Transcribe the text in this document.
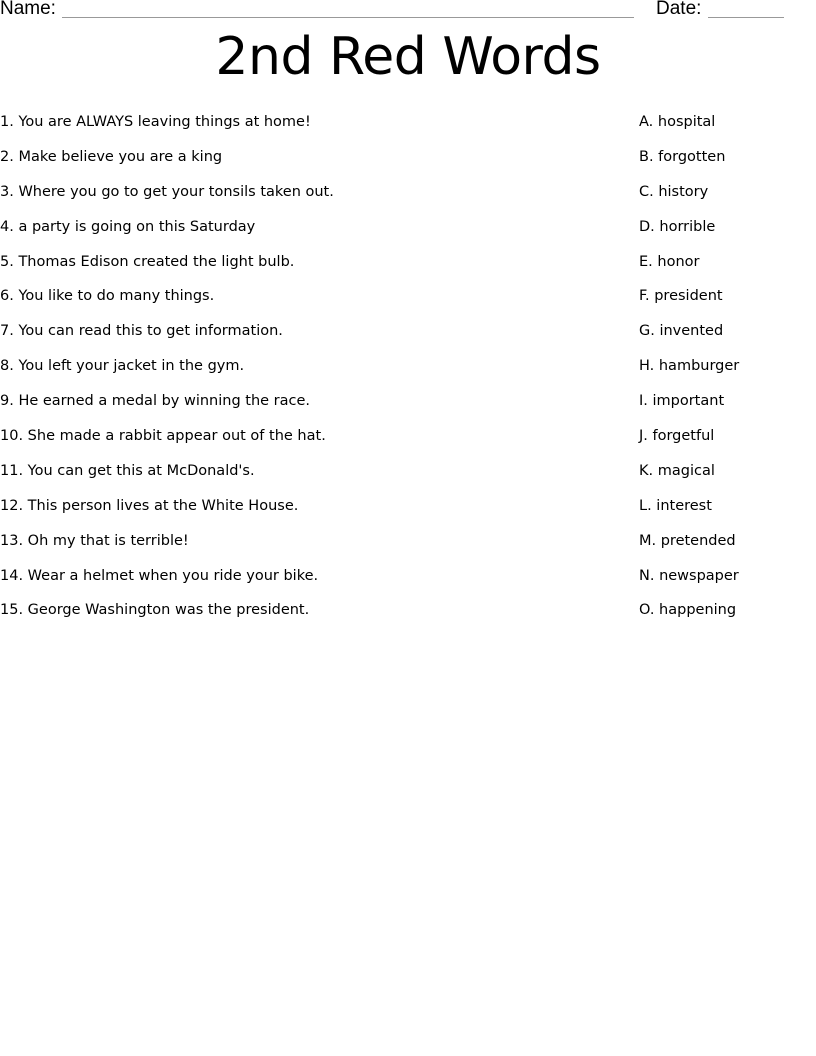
Name:	Date:
2nd Red Words
1. You are ALWAYS leaving things at home!
2. Make believe you are a king
3. Where you go to get your tonsils taken out.
4. a party is going on this Saturday
5. Thomas Edison created the light bulb.
6. You like to do many things.
7. You can read this to get information.
8. You left your jacket in the gym.
9. He earned a medal by winning the race.
10. She made a rabbit appear out of the hat.
11. You can get this at McDonald's.
12. This person lives at the White House.
13. Oh my that is terrible!
14. Wear a helmet when you ride your bike.
15. George Washington was the president.
A. hospital
B. forgotten
C. history
D. horrible
E. honor
F. president
G. invented
H. hamburger
I. important
J. forgetful
K. magical
L. interest
M. pretended
N. newspaper
O. happening
